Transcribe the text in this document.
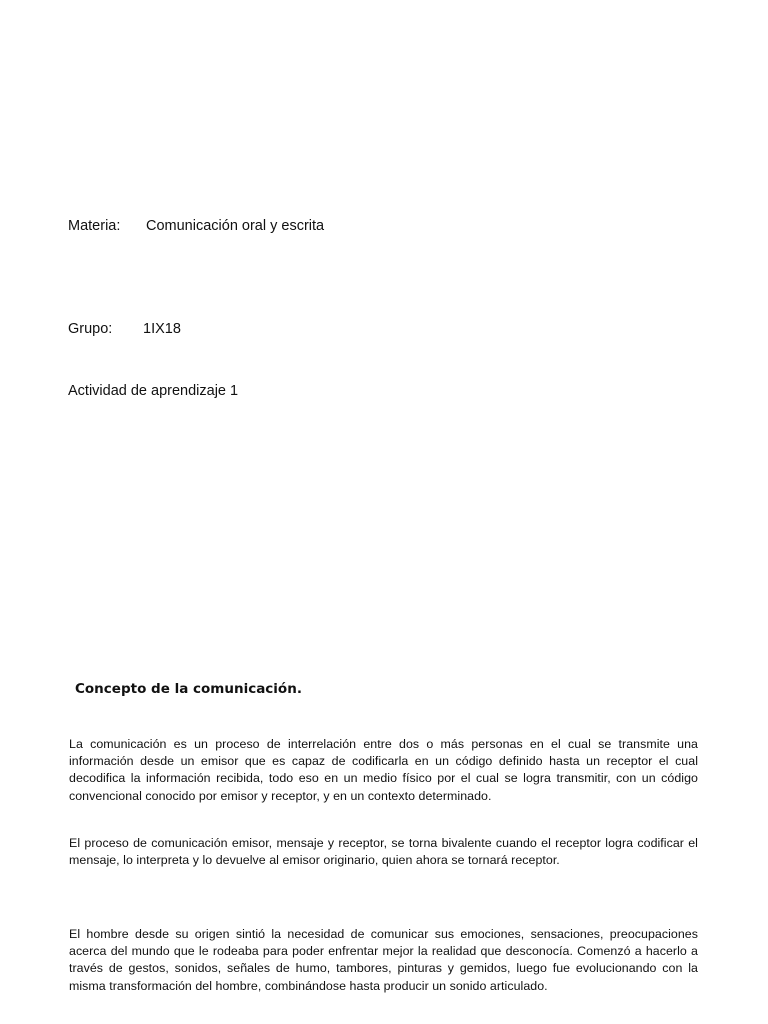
Materia: Comunicación oral y escrita
Grupo: 1IX18
Actividad de aprendizaje 1
Concepto de la comunicación.

La comunicación es un proceso de interrelación entre dos o más personas en el cual se transmite una información desde un emisor que es capaz de codificarla en un código definido hasta un receptor el cual decodifica la información recibida, todo eso en un medio físico por el cual se logra transmitir, con un código convencional conocido por emisor y receptor, y en un contexto determinado.

El proceso de comunicación emisor, mensaje y receptor, se torna bivalente cuando el receptor logra codificar el mensaje, lo interpreta y lo devuelve al emisor originario, quien ahora se tornará receptor.

El hombre desde su origen sintió la necesidad de comunicar sus emociones, sensaciones, preocupaciones acerca del mundo que le rodeaba para poder enfrentar mejor la realidad que desconocía. Comenzó a hacerlo a través de gestos, sonidos, señales de humo, tambores, pinturas y gemidos, luego fue evolucionando con la misma transformación del hombre, combinándose hasta producir un sonido articulado.
